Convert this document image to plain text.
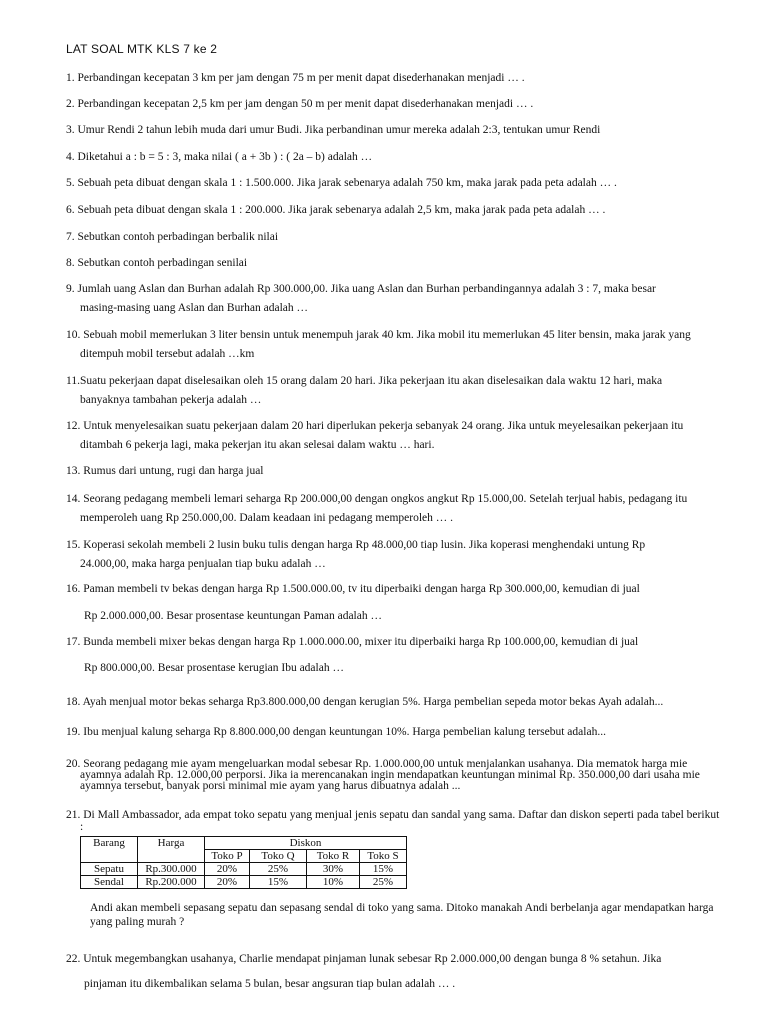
LAT SOAL MTK KLS 7 ke 2
1. Perbandingan kecepatan 3 km per jam dengan 75 m per menit dapat disederhanakan menjadi … .
2. Perbandingan kecepatan 2,5 km per jam dengan 50 m per menit dapat disederhanakan menjadi … .
3. Umur Rendi 2 tahun lebih muda dari umur Budi. Jika perbandinan umur mereka adalah 2:3, tentukan umur Rendi
4. Diketahui a : b = 5 : 3, maka nilai ( a + 3b ) : ( 2a – b) adalah …
5. Sebuah peta dibuat dengan skala 1 : 1.500.000. Jika jarak sebenarya adalah 750 km, maka jarak pada peta adalah … .
6. Sebuah peta dibuat dengan skala 1 : 200.000. Jika jarak sebenarya adalah 2,5 km, maka jarak pada peta adalah … .
7. Sebutkan contoh perbadingan berbalik nilai
8. Sebutkan contoh perbadingan senilai
9. Jumlah uang Aslan dan Burhan adalah Rp 300.000,00. Jika uang Aslan dan Burhan perbandingannya adalah 3 : 7, maka besar
masing-masing uang Aslan dan Burhan adalah …
10. Sebuah mobil memerlukan 3 liter bensin untuk menempuh jarak 40 km. Jika mobil itu memerlukan 45 liter bensin, maka jarak yang
ditempuh mobil tersebut adalah …km
11.Suatu pekerjaan dapat diselesaikan oleh 15 orang dalam 20 hari. Jika pekerjaan itu akan diselesaikan dala waktu 12 hari, maka
banyaknya tambahan pekerja adalah …
12. Untuk menyelesaikan suatu pekerjaan dalam 20 hari diperlukan pekerja sebanyak 24 orang. Jika untuk meyelesaikan pekerjaan itu
ditambah 6 pekerja lagi, maka pekerjan itu akan selesai dalam waktu … hari.
13. Rumus dari untung, rugi dan harga jual
14. Seorang pedagang membeli lemari seharga Rp 200.000,00 dengan ongkos angkut Rp 15.000,00. Setelah terjual habis, pedagang itu
memperoleh uang Rp 250.000,00. Dalam keadaan ini pedagang memperoleh … .
15. Koperasi sekolah membeli 2 lusin buku tulis dengan harga Rp 48.000,00 tiap lusin. Jika koperasi menghendaki untung Rp
24.000,00, maka harga penjualan tiap buku adalah …
16. Paman membeli tv bekas dengan harga Rp 1.500.000.00, tv itu diperbaiki dengan harga Rp 300.000,00, kemudian di jual
Rp 2.000.000,00. Besar prosentase keuntungan Paman adalah …
17. Bunda membeli mixer bekas dengan harga Rp 1.000.000.00, mixer itu diperbaiki harga Rp 100.000,00, kemudian di jual
Rp 800.000,00. Besar prosentase kerugian Ibu adalah …
18. Ayah menjual motor bekas seharga Rp3.800.000,00 dengan kerugian 5%. Harga pembelian sepeda motor bekas Ayah adalah...
19. Ibu menjual kalung seharga Rp 8.800.000,00 dengan keuntungan 10%. Harga pembelian kalung tersebut adalah...
20. Seorang pedagang mie ayam mengeluarkan modal sebesar Rp. 1.000.000,00 untuk menjalankan usahanya. Dia mematok harga mie ayamnya adalah Rp. 12.000,00 perporsi. Jika ia merencanakan ingin mendapatkan keuntungan minimal Rp. 350.000,00 dari usaha mie ayamnya tersebut, banyak porsi minimal mie ayam yang harus dibuatnya adalah ...
21. Di Mall Ambassador, ada empat toko sepatu yang menjual jenis sepatu dan sandal yang sama. Daftar dan diskon seperti pada tabel berikut :
Barang	Harga	Diskon			
		Toko P	Toko Q	Toko R	Toko S
Sepatu	Rp.300.000	20%	25%	30%	15%
Sendal	Rp.200.000	20%	15%	10%	25%
Andi akan membeli sepasang sepatu dan sepasang sendal di toko yang sama. Ditoko manakah Andi berbelanja agar mendapatkan harga yang paling murah ?
22. Untuk megembangkan usahanya, Charlie mendapat pinjaman lunak sebesar Rp 2.000.000,00 dengan bunga 8 % setahun. Jika
pinjaman itu dikembalikan selama 5 bulan, besar angsuran tiap bulan adalah … .
